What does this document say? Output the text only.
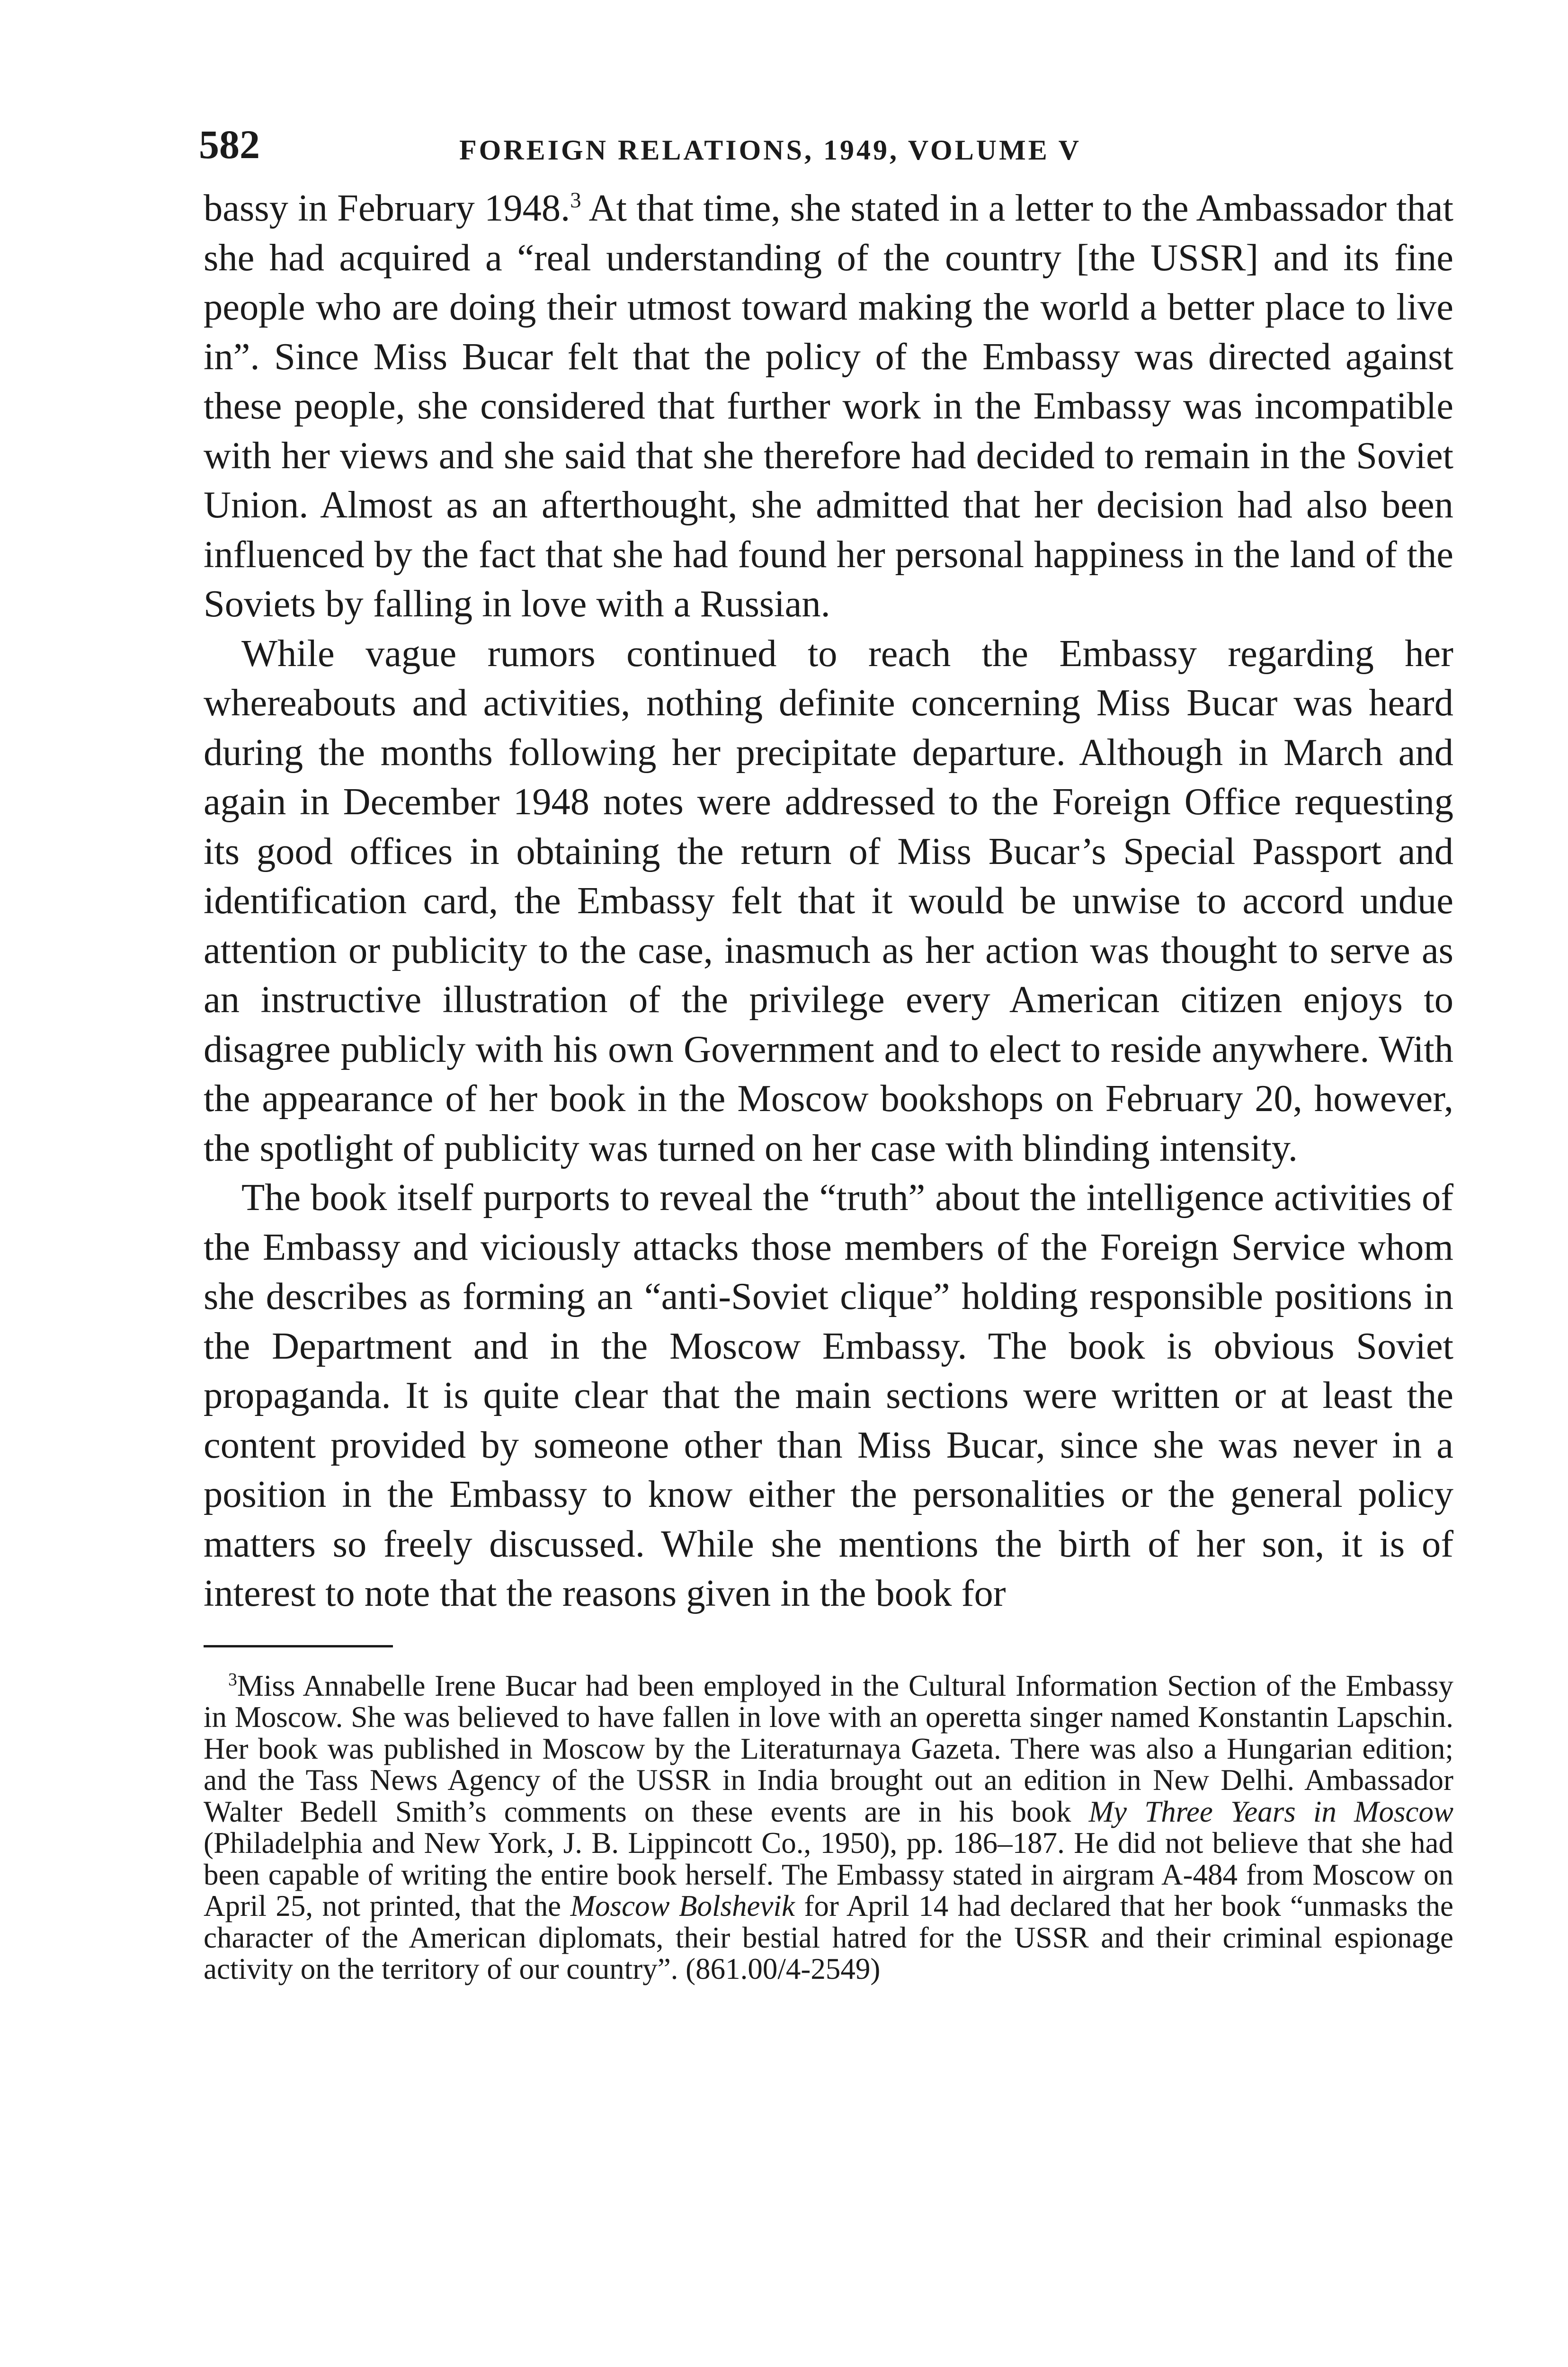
582	FOREIGN RELATIONS, 1949, VOLUME V

bassy in February 1948.$^3$ At that time, she stated in a letter to the Ambassador that she had acquired a “real understanding of the country [the USSR] and its fine people who are doing their utmost toward making the world a better place to live in”. Since Miss Bucar felt that the policy of the Embassy was directed against these people, she considered that further work in the Embassy was incompatible with her views and she said that she therefore had decided to remain in the Soviet Union. Almost as an afterthought, she admitted that her decision had also been influenced by the fact that she had found her personal happiness in the land of the Soviets by falling in love with a Russian.

While vague rumors continued to reach the Embassy regarding her whereabouts and activities, nothing definite concerning Miss Bucar was heard during the months following her precipitate departure. Although in March and again in December 1948 notes were addressed to the Foreign Office requesting its good offices in obtaining the return of Miss Bucar’s Special Passport and identification card, the Embassy felt that it would be unwise to accord undue attention or publicity to the case, inasmuch as her action was thought to serve as an instructive illustration of the privilege every American citizen enjoys to disagree publicly with his own Government and to elect to reside anywhere. With the appearance of her book in the Moscow bookshops on February 20, however, the spotlight of publicity was turned on her case with blinding intensity.

The book itself purports to reveal the “truth” about the intelligence activities of the Embassy and viciously attacks those members of the Foreign Service whom she describes as forming an “anti-Soviet clique” holding responsible positions in the Department and in the Moscow Embassy. The book is obvious Soviet propaganda. It is quite clear that the main sections were written or at least the content provided by someone other than Miss Bucar, since she was never in a position in the Embassy to know either the personalities or the general policy matters so freely discussed. While she mentions the birth of her son, it is of interest to note that the reasons given in the book for

$^3$Miss Annabelle Irene Bucar had been employed in the Cultural Information Section of the Embassy in Moscow. She was believed to have fallen in love with an operetta singer named Konstantin Lapschin. Her book was published in Moscow by the Literaturnaya Gazeta. There was also a Hungarian edition; and the Tass News Agency of the USSR in India brought out an edition in New Delhi. Ambassador Walter Bedell Smith’s comments on these events are in his book My Three Years in Moscow (Philadelphia and New York, J. B. Lippincott Co., 1950), pp. 186–187. He did not believe that she had been capable of writing the entire book herself. The Embassy stated in airgram A-484 from Moscow on April 25, not printed, that the Moscow Bolshevik for April 14 had declared that her book “unmasks the character of the American diplomats, their bestial hatred for the USSR and their criminal espionage activity on the territory of our country”. (861.00/4-2549)
